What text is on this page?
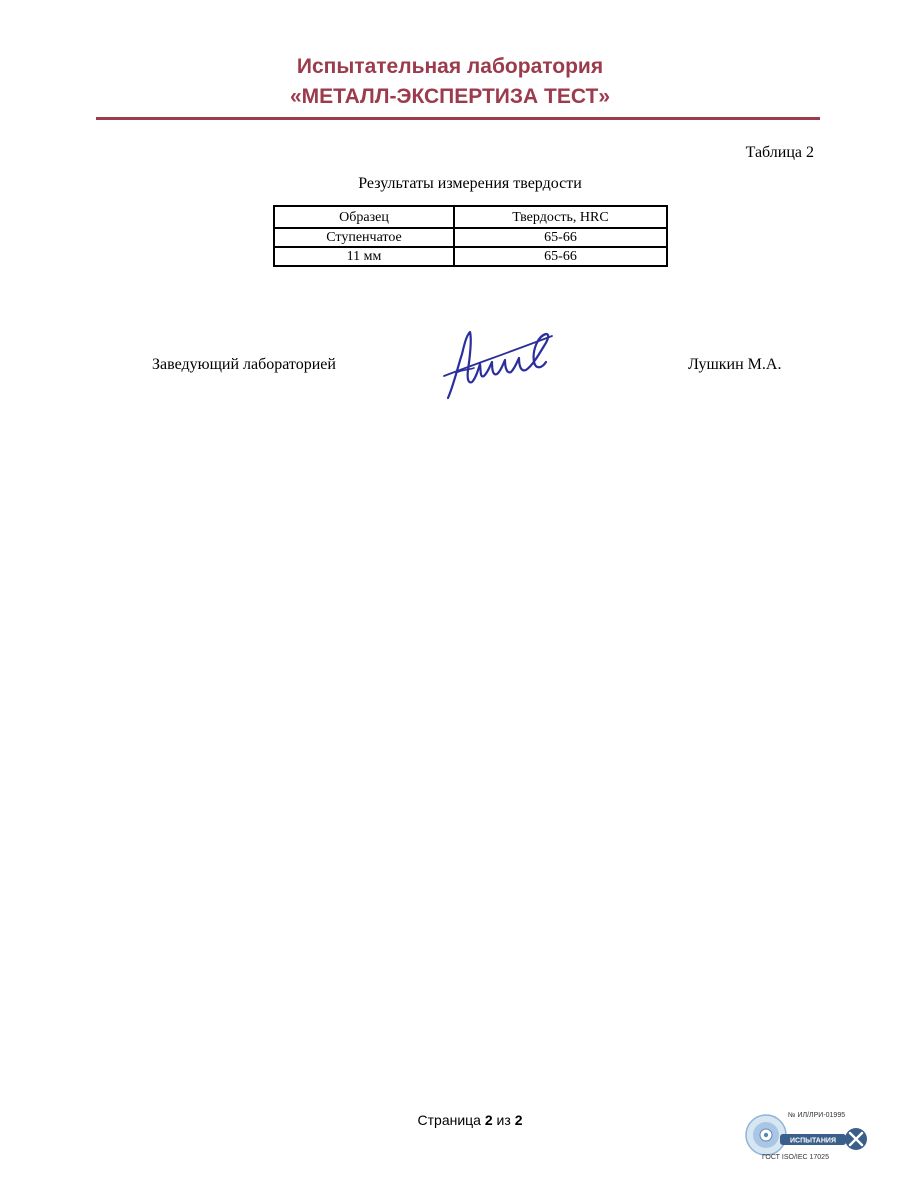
Испытательная лаборатория
«МЕТАЛЛ-ЭКСПЕРТИЗА ТЕСТ»
Таблица 2
Результаты измерения твердости
Образец	Твердость, HRC
Ступенчатое	65-66
11 мм	65-66
Заведующий лабораторией	Лушкин М.А.
Страница 2 из 2	№ ИЛ/ЛРИ-01995
ИСПЫТАНИЯ
ГОСТ ISO/IEC 17025
